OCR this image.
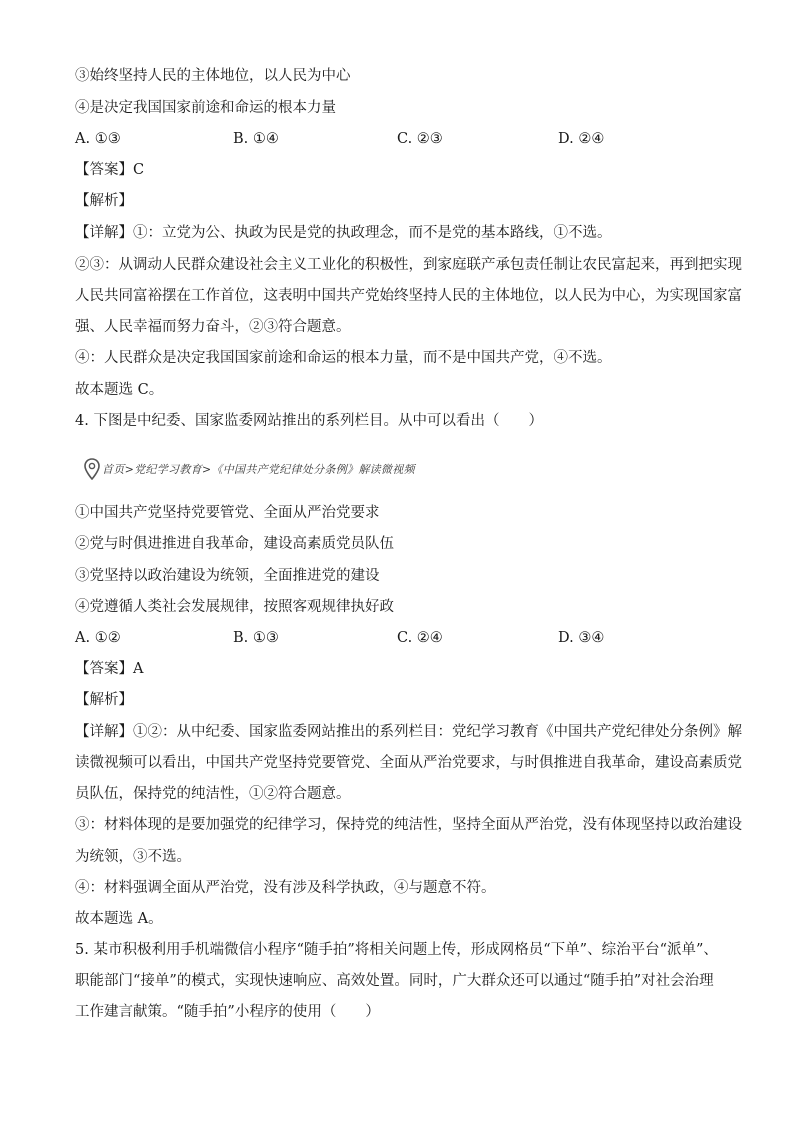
③始终坚持人民的主体地位，以人民为中心
④是决定我国国家前途和命运的根本力量
A. ①③	B. ①④	C. ②③	D. ②④
【答案】C
【解析】
【详解】①：立党为公、执政为民是党的执政理念，而不是党的基本路线，①不选。
②③：从调动人民群众建设社会主义工业化的积极性，到家庭联产承包责任制让农民富起来，再到把实现
人民共同富裕摆在工作首位，这表明中国共产党始终坚持人民的主体地位，以人民为中心，为实现国家富
强、人民幸福而努力奋斗，②③符合题意。
④：人民群众是决定我国国家前途和命运的根本力量，而不是中国共产党，④不选。
故本题选 C。
4. 下图是中纪委、国家监委网站推出的系列栏目。从中可以看出（　　）
首页>党纪学习教育>《中国共产党纪律处分条例》解读微视频
①中国共产党坚持党要管党、全面从严治党要求
②党与时俱进推进自我革命，建设高素质党员队伍
③党坚持以政治建设为统领，全面推进党的建设
④党遵循人类社会发展规律，按照客观规律执好政
A. ①②	B. ①③	C. ②④	D. ③④
【答案】A
【解析】
【详解】①②：从中纪委、国家监委网站推出的系列栏目：党纪学习教育《中国共产党纪律处分条例》解
读微视频可以看出，中国共产党坚持党要管党、全面从严治党要求，与时俱推进自我革命，建设高素质党
员队伍，保持党的纯洁性，①②符合题意。
③：材料体现的是要加强党的纪律学习，保持党的纯洁性，坚持全面从严治党，没有体现坚持以政治建设
为统领，③不选。
④：材料强调全面从严治党，没有涉及科学执政，④与题意不符。
故本题选 A。
5. 某市积极利用手机端微信小程序“随手拍”将相关问题上传，形成网格员“下单”、综治平台“派单”、
职能部门“接单”的模式，实现快速响应、高效处置。同时，广大群众还可以通过“随手拍”对社会治理
工作建言献策。“随手拍”小程序的使用（　　）
